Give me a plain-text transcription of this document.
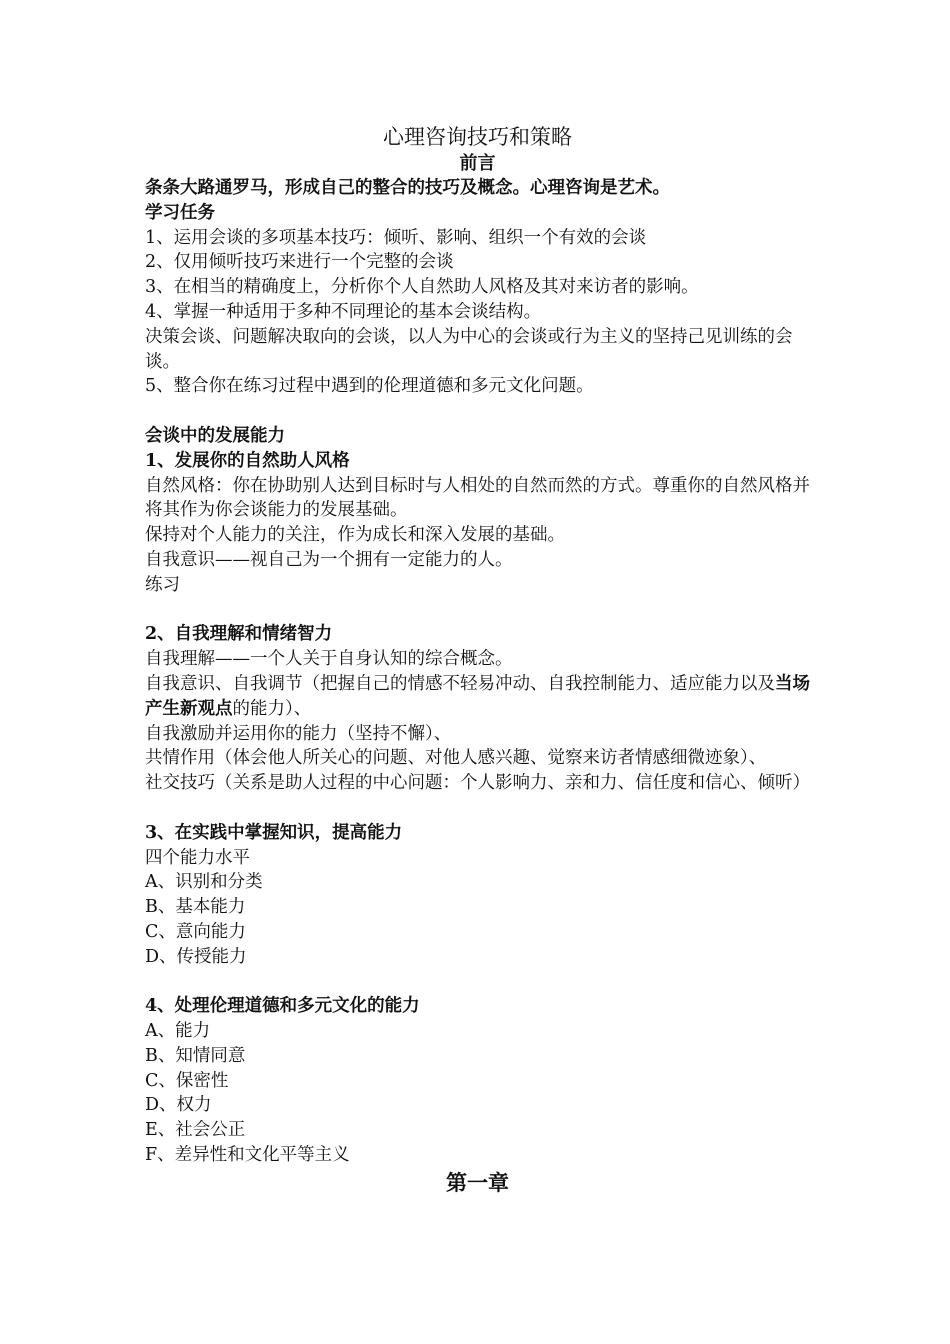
心理咨询技巧和策略
前言
条条大路通罗马，形成自己的整合的技巧及概念。心理咨询是艺术。
学习任务
1、运用会谈的多项基本技巧：倾听、影响、组织一个有效的会谈
2、仅用倾听技巧来进行一个完整的会谈
3、在相当的精确度上，分析你个人自然助人风格及其对来访者的影响。
4、掌握一种适用于多种不同理论的基本会谈结构。
决策会谈、问题解决取向的会谈，以人为中心的会谈或行为主义的坚持己见训练的会谈。
5、整合你在练习过程中遇到的伦理道德和多元文化问题。
会谈中的发展能力
1、发展你的自然助人风格
自然风格：你在协助别人达到目标时与人相处的自然而然的方式。尊重你的自然风格并将其作为你会谈能力的发展基础。
保持对个人能力的关注，作为成长和深入发展的基础。
自我意识——视自己为一个拥有一定能力的人。
练习
2、自我理解和情绪智力
自我理解——一个人关于自身认知的综合概念。
自我意识、自我调节（把握自己的情感不轻易冲动、自我控制能力、适应能力以及当场产生新观点的能力）、
自我激励并运用你的能力（坚持不懈）、
共情作用（体会他人所关心的问题、对他人感兴趣、觉察来访者情感细微迹象）、
社交技巧（关系是助人过程的中心问题：个人影响力、亲和力、信任度和信心、倾听）
3、在实践中掌握知识，提高能力
四个能力水平
A、识别和分类
B、基本能力
C、意向能力
D、传授能力
4、处理伦理道德和多元文化的能力
A、能力
B、知情同意
C、保密性
D、权力
E、社会公正
F、差异性和文化平等主义
第一章
